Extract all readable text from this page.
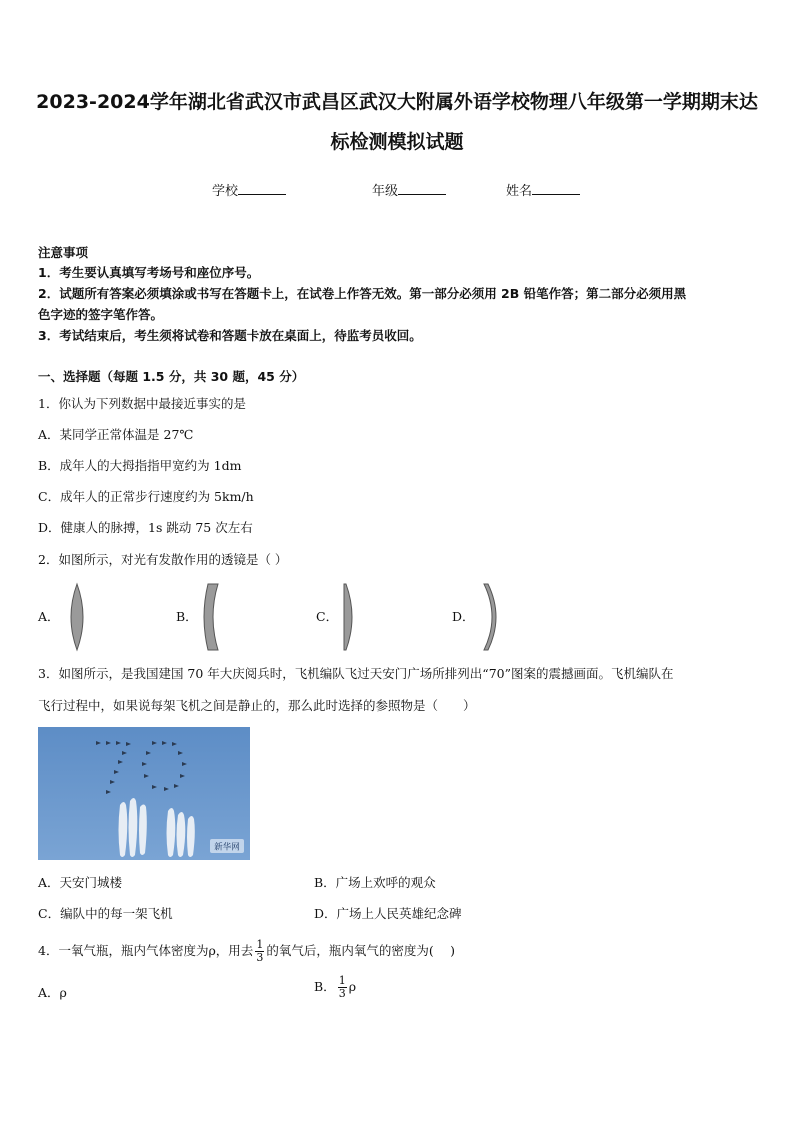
2023-2024学年湖北省武汉市武昌区武汉大附属外语学校物理八年级第一学期期末达
标检测模拟试题
学校	年级	姓名
注意事项
1．考生要认真填写考场号和座位序号。
2．试题所有答案必须填涂或书写在答题卡上，在试卷上作答无效。第一部分必须用 2B 铅笔作答；第二部分必须用黑
色字迹的签字笔作答。
3．考试结束后，考生须将试卷和答题卡放在桌面上，待监考员收回。
一、选择题（每题 1.5 分，共 30 题，45 分）
1．你认为下列数据中最接近事实的是
A．某同学正常体温是 27℃
B．成年人的大拇指指甲宽约为 1dm
C．成年人的正常步行速度约为 5km/h
D．健康人的脉搏，1s 跳动 75 次左右
2．如图所示，对光有发散作用的透镜是（ ）
A．	B．	C．	D．
3．如图所示，是我国建国 70 年大庆阅兵时，飞机编队飞过天安门广场所排列出“70”图案的震撼画面。飞机编队在
飞行过程中，如果说每架飞机之间是静止的，那么此时选择的参照物是（　　）
新华网
A．天安门城楼	B．广场上欢呼的观众
C．编队中的每一架飞机	D．广场上人民英雄纪念碑
4．一氧气瓶，瓶内气体密度为ρ，用去 $\frac{1}{3}$ 的氧气后，瓶内氧气的密度为(　 )
A．ρ	B． $\frac{1}{3}$ ρ
